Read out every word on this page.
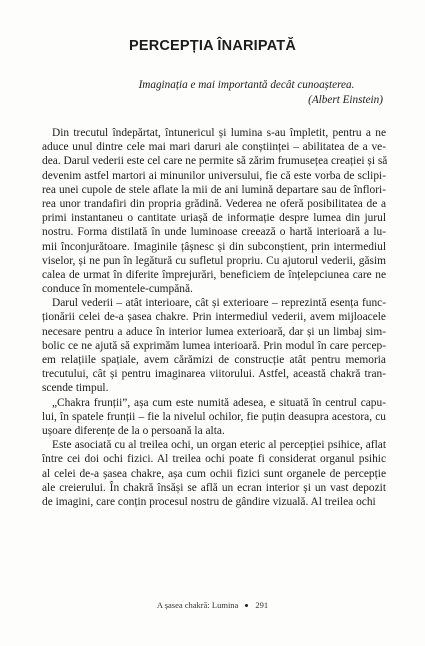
PERCEPȚIA ÎNARIPATĂ
Imaginația e mai importantă decât cunoașterea.
(Albert Einstein)
Din trecutul îndepărtat, întunericul și lumina s-au împletit, pentru a ne
aduce unul dintre cele mai mari daruri ale conștiinței – abilitatea de a ve-
dea. Darul vederii este cel care ne permite să zărim frumusețea creației și să
devenim astfel martori ai minunilor universului, fie că este vorba de sclipi-
rea unei cupole de stele aflate la mii de ani lumină departare sau de înflori-
rea unor trandafiri din propria grădină. Vederea ne oferă posibilitatea de a
primi instantaneu o cantitate uriașă de informație despre lumea din jurul
nostru. Forma distilată în unde luminoase creează o hartă interioară a lu-
mii înconjurătoare. Imaginile țâșnesc și din subconștient, prin intermediul
viselor, și ne pun în legătură cu sufletul propriu. Cu ajutorul vederii, găsim
calea de urmat în diferite împrejurări, beneficiem de înțelepciunea care ne
conduce în momentele-cumpănă.
Darul vederii – atât interioare, cât și exterioare – reprezintă esența func-
ționării celei de-a șasea chakre. Prin intermediul vederii, avem mijloacele
necesare pentru a aduce în interior lumea exterioară, dar și un limbaj sim-
bolic ce ne ajută să exprimăm lumea interioară. Prin modul în care percep-
em relațiile spațiale, avem cărămizi de construcție atât pentru memoria
trecutului, cât și pentru imaginarea viitorului. Astfel, această chakră tran-
scende timpul.
„Chakra frunții”, așa cum este numită adesea, e situată în centrul capu-
lui, în spatele frunții – fie la nivelul ochilor, fie puțin deasupra acestora, cu
ușoare diferențe de la o persoană la alta.
Este asociată cu al treilea ochi, un organ eteric al percepției psihice, aflat
între cei doi ochi fizici. Al treilea ochi poate fi considerat organul psihic
al celei de-a șasea chakre, așa cum ochii fizici sunt organele de percepție
ale creierului. În chakră însăși se află un ecran interior și un vast depozit
de imagini, care conțin procesul nostru de gândire vizuală. Al treilea ochi
A șasea chakră: Lumina 291
